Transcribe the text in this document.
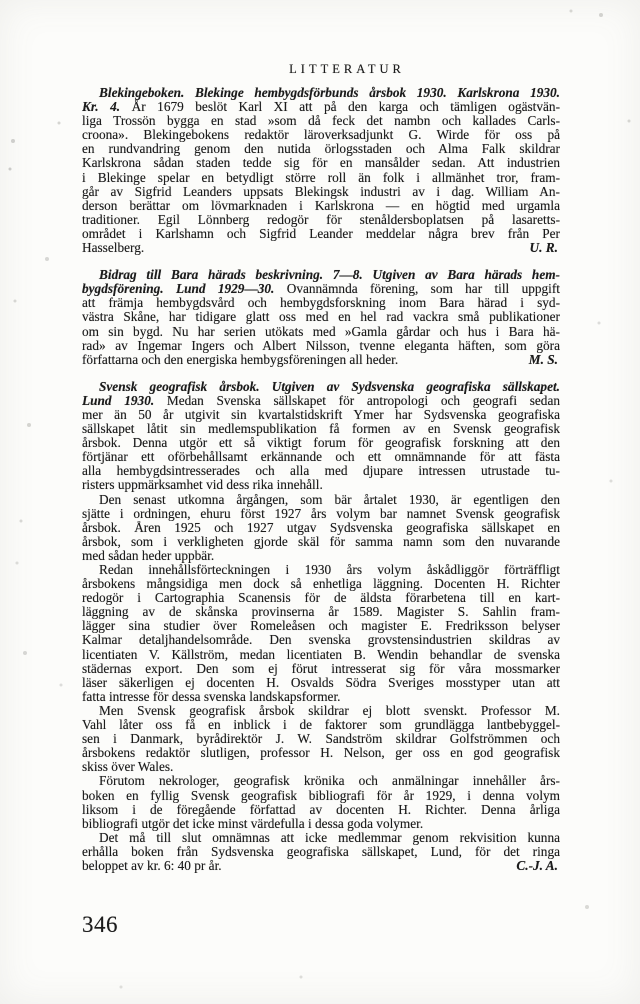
LITTERATUR
Blekingeboken. Blekinge hembygdsförbunds årsbok 1930. Karlskrona 1930.
Kr. 4. År 1679 beslöt Karl XI att på den karga och tämligen ogästvän-
liga Trossön bygga en stad »som då feck det nambn och kallades Carls-
croona». Blekingebokens redaktör läroverksadjunkt G. Wirde för oss på
en rundvandring genom den nutida örlogsstaden och Alma Falk skildrar
Karlskrona sådan staden tedde sig för en mansålder sedan. Att industrien
i Blekinge spelar en betydligt större roll än folk i allmänhet tror, fram-
går av Sigfrid Leanders uppsats Blekingsk industri av i dag. William An-
derson berättar om lövmarknaden i Karlskrona — en högtid med urgamla
traditioner. Egil Lönnberg redogör för stenåldersboplatsen på lasaretts-
området i Karlshamn och Sigfrid Leander meddelar några brev från Per
Hasselberg.	U. R.
Bidrag till Bara härads beskrivning. 7—8. Utgiven av Bara härads hem-
bygdsförening. Lund 1929—30. Ovannämnda förening, som har till uppgift
att främja hembygdsvård och hembygdsforskning inom Bara härad i syd-
västra Skåne, har tidigare glatt oss med en hel rad vackra små publikationer
om sin bygd. Nu har serien utökats med »Gamla gårdar och hus i Bara hä-
rad» av Ingemar Ingers och Albert Nilsson, tvenne eleganta häften, som göra
författarna och den energiska hembygsföreningen all heder.	M. S.
Svensk geografisk årsbok. Utgiven av Sydsvenska geografiska sällskapet.
Lund 1930. Medan Svenska sällskapet för antropologi och geografi sedan
mer än 50 år utgivit sin kvartalstidskrift Ymer har Sydsvenska geografiska
sällskapet låtit sin medlemspublikation få formen av en Svensk geografisk
årsbok. Denna utgör ett så viktigt forum för geografisk forskning att den
förtjänar ett oförbehållsamt erkännande och ett omnämnande för att fästa
alla hembygdsintresserades och alla med djupare intressen utrustade tu-
risters uppmärksamhet vid dess rika innehåll.
Den senast utkomna årgången, som bär årtalet 1930, är egentligen den
sjätte i ordningen, ehuru först 1927 års volym bar namnet Svensk geografisk
årsbok. Åren 1925 och 1927 utgav Sydsvenska geografiska sällskapet en
årsbok, som i verkligheten gjorde skäl för samma namn som den nuvarande
med sådan heder uppbär.
Redan innehållsförteckningen i 1930 års volym åskådliggör förträffligt
årsbokens mångsidiga men dock så enhetliga läggning. Docenten H. Richter
redogör i Cartographia Scanensis för de äldsta förarbetena till en kart-
läggning av de skånska provinserna år 1589. Magister S. Sahlin fram-
lägger sina studier över Romeleåsen och magister E. Fredriksson belyser
Kalmar detaljhandelsområde. Den svenska grovstensindustrien skildras av
licentiaten V. Källström, medan licentiaten B. Wendin behandlar de svenska
städernas export. Den som ej förut intresserat sig för våra mossmarker
läser säkerligen ej docenten H. Osvalds Södra Sveriges mosstyper utan att
fatta intresse för dessa svenska landskapsformer.
Men Svensk geografisk årsbok skildrar ej blott svenskt. Professor M.
Vahl låter oss få en inblick i de faktorer som grundlägga lantbebyggel-
sen i Danmark, byrådirektör J. W. Sandström skildrar Golfströmmen och
årsbokens redaktör slutligen, professor H. Nelson, ger oss en god geografisk
skiss över Wales.
Förutom nekrologer, geografisk krönika och anmälningar innehåller års-
boken en fyllig Svensk geografisk bibliografi för år 1929, i denna volym
liksom i de föregående författad av docenten H. Richter. Denna årliga
bibliografi utgör det icke minst värdefulla i dessa goda volymer.
Det må till slut omnämnas att icke medlemmar genom rekvisition kunna
erhålla boken från Sydsvenska geografiska sällskapet, Lund, för det ringa
beloppet av kr. 6: 40 pr år.	C.-J. A.
346
